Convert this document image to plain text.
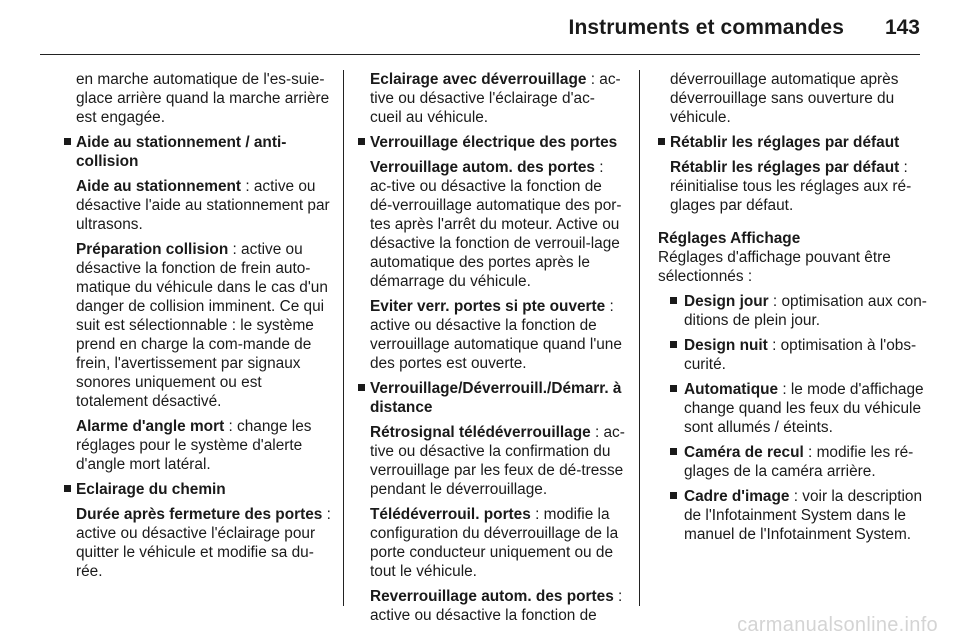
Instruments et commandes 143

en marche automatique de l'es-suie-glace arrière quand la marche arrière est engagée.

Aide au stationnement / anti-collision

Aide au stationnement : active ou désactive l'aide au stationnement par ultrasons.

Préparation collision : active ou désactive la fonction de frein auto-matique du véhicule dans le cas d'un danger de collision imminent. Ce qui suit est sélectionnable : le système prend en charge la com-mande de frein, l'avertissement par signaux sonores uniquement ou est totalement désactivé.

Alarme d'angle mort : change les réglages pour le système d'alerte d'angle mort latéral.

Eclairage du chemin

Durée après fermeture des portes : active ou désactive l'éclairage pour quitter le véhicule et modifie sa du-rée.

Eclairage avec déverrouillage : ac-tive ou désactive l'éclairage d'ac-cueil au véhicule.

Verrouillage électrique des portes

Verrouillage autom. des portes : ac-tive ou désactive la fonction de dé-verrouillage automatique des por-tes après l'arrêt du moteur. Active ou désactive la fonction de verrouil-lage automatique des portes après le démarrage du véhicule.

Eviter verr. portes si pte ouverte : active ou désactive la fonction de verrouillage automatique quand l'une des portes est ouverte.

Verrouillage/Déverrouill./Démarr. à distance

Rétrosignal télédéverrouillage : ac-tive ou désactive la confirmation du verrouillage par les feux de dé-tresse pendant le déverrouillage.

Télédéverrouil. portes : modifie la configuration du déverrouillage de la porte conducteur uniquement ou de tout le véhicule.

Reverrouillage autom. des portes : active ou désactive la fonction de

déverrouillage automatique après déverrouillage sans ouverture du véhicule.

Rétablir les réglages par défaut

Rétablir les réglages par défaut : réinitialise tous les réglages aux ré-glages par défaut.

Réglages Affichage

Réglages d'affichage pouvant être sélectionnés :

Design jour : optimisation aux con-ditions de plein jour.
Design nuit : optimisation à l'obs-curité.
Automatique : le mode d'affichage change quand les feux du véhicule sont allumés / éteints.
Caméra de recul : modifie les ré-glages de la caméra arrière.
Cadre d'image : voir la description de l'Infotainment System dans le manuel de l'Infotainment System.
carmanualsonline.info
